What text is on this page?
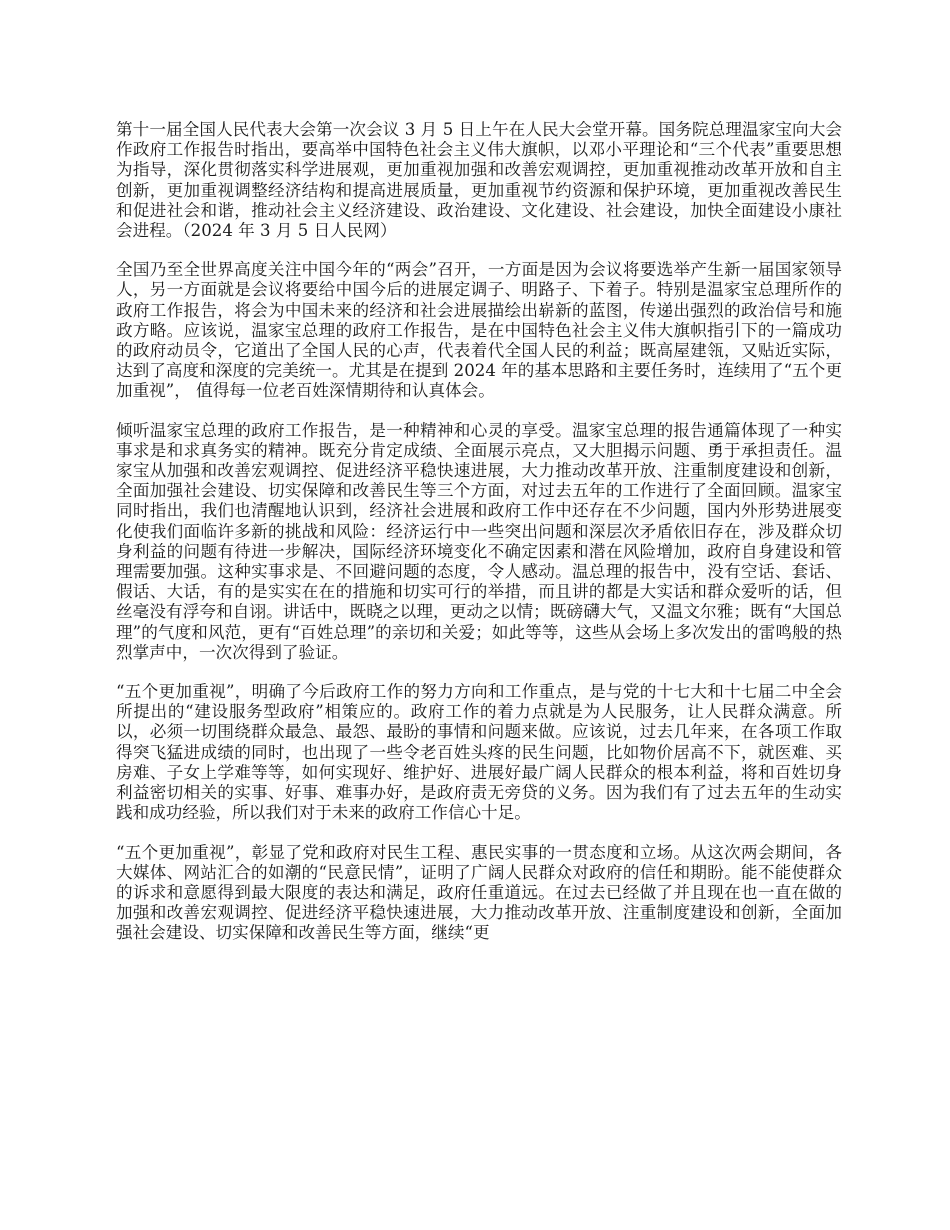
第十一届全国人民代表大会第一次会议 3 月 5 日上午在人民大会堂开幕。国务院总理温家宝向大会作政府工作报告时指出，要高举中国特色社会主义伟大旗帜，以邓小平理论和“三个代表”重要思想为指导，深化贯彻落实科学进展观，更加重视加强和改善宏观调控，更加重视推动改革开放和自主创新，更加重视调整经济结构和提高进展质量，更加重视节约资源和保护环境，更加重视改善民生和促进社会和谐，推动社会主义经济建设、政治建设、文化建设、社会建设，加快全面建设小康社会进程。（2024 年 3 月 5 日人民网）

全国乃至全世界高度关注中国今年的“两会”召开，一方面是因为会议将要选举产生新一届国家领导人，另一方面就是会议将要给中国今后的进展定调子、明路子、下着子。特别是温家宝总理所作的政府工作报告，将会为中国未来的经济和社会进展描绘出崭新的蓝图，传递出强烈的政治信号和施政方略。应该说，温家宝总理的政府工作报告，是在中国特色社会主义伟大旗帜指引下的一篇成功的政府动员令，它道出了全国人民的心声，代表着代全国人民的利益；既高屋建瓴，又贴近实际，达到了高度和深度的完美统一。尤其是在提到 2024 年的基本思路和主要任务时，连续用了“五个更加重视”， 值得每一位老百姓深情期待和认真体会。

倾听温家宝总理的政府工作报告，是一种精神和心灵的享受。温家宝总理的报告通篇体现了一种实事求是和求真务实的精神。既充分肯定成绩、全面展示亮点，又大胆揭示问题、勇于承担责任。温家宝从加强和改善宏观调控、促进经济平稳快速进展，大力推动改革开放、注重制度建设和创新，全面加强社会建设、切实保障和改善民生等三个方面，对过去五年的工作进行了全面回顾。温家宝同时指出，我们也清醒地认识到，经济社会进展和政府工作中还存在不少问题，国内外形势进展变化使我们面临许多新的挑战和风险：经济运行中一些突出问题和深层次矛盾依旧存在，涉及群众切身利益的问题有待进一步解决，国际经济环境变化不确定因素和潜在风险增加，政府自身建设和管理需要加强。这种实事求是、不回避问题的态度，令人感动。温总理的报告中，没有空话、套话、假话、大话，有的是实实在在的措施和切实可行的举措，而且讲的都是大实话和群众爱听的话，但丝毫没有浮夸和自诩。讲话中，既晓之以理，更动之以情；既磅礴大气，又温文尔雅；既有“大国总理”的气度和风范，更有“百姓总理”的亲切和关爱；如此等等，这些从会场上多次发出的雷鸣般的热烈掌声中，一次次得到了验证。

“五个更加重视”，明确了今后政府工作的努力方向和工作重点，是与党的十七大和十七届二中全会所提出的“建设服务型政府”相策应的。政府工作的着力点就是为人民服务，让人民群众满意。所以，必须一切围绕群众最急、最怨、最盼的事情和问题来做。应该说，过去几年来，在各项工作取得突飞猛进成绩的同时，也出现了一些令老百姓头疼的民生问题，比如物价居高不下，就医难、买房难、子女上学难等等，如何实现好、维护好、进展好最广阔人民群众的根本利益，将和百姓切身利益密切相关的实事、好事、难事办好，是政府责无旁贷的义务。因为我们有了过去五年的生动实践和成功经验，所以我们对于未来的政府工作信心十足。

“五个更加重视”，彰显了党和政府对民生工程、惠民实事的一贯态度和立场。从这次两会期间，各大媒体、网站汇合的如潮的“民意民情”，证明了广阔人民群众对政府的信任和期盼。能不能使群众的诉求和意愿得到最大限度的表达和满足，政府任重道远。在过去已经做了并且现在也一直在做的加强和改善宏观调控、促进经济平稳快速进展，大力推动改革开放、注重制度建设和创新，全面加强社会建设、切实保障和改善民生等方面，继续“更
